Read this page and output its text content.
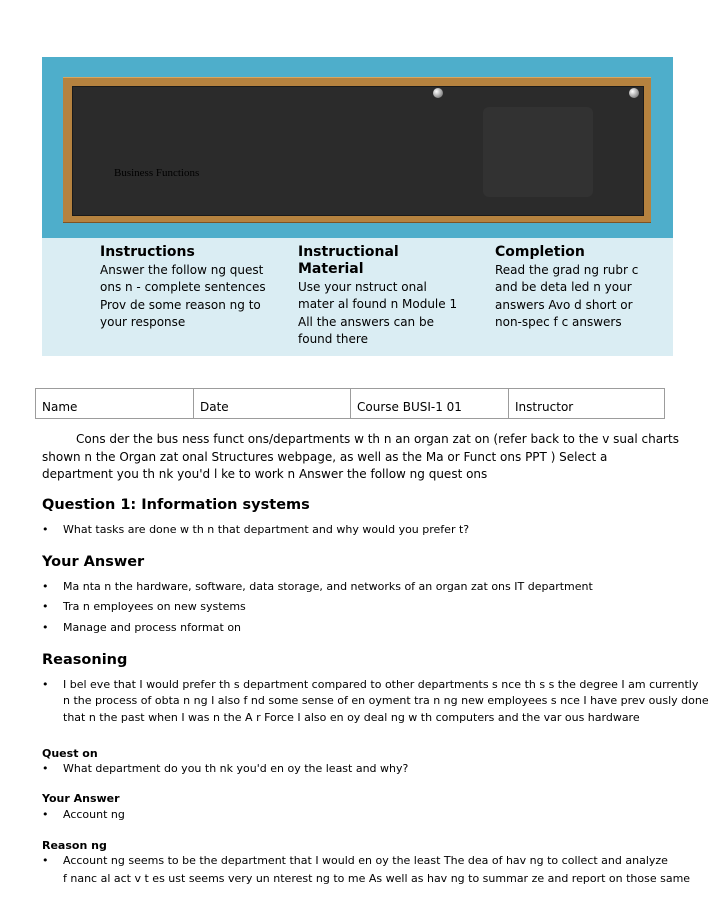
Business Functions
Instructions

Answer the follow ng quest ons n - complete sentences Prov de some reason ng to your response

Instructional Material

Use your nstruct onal mater al found n Module 1 All the answers can be found there

Completion

Read the grad ng rubr c and be deta led n your answers Avo d short or non-spec f c answers

Name	Date	Course BUSI-1 01	Instructor
Cons der the bus ness funct ons/departments w th n an organ zat on (refer back to the v sual charts
shown n the Organ zat onal Structures webpage, as well as the Ma or Funct ons PPT ) Select a
department you th nk you'd l ke to work n Answer the follow ng quest ons
Question 1: Information systems
• What tasks are done w th n that department and why would you prefer t?
Your Answer
• Ma nta n the hardware, software, data storage, and networks of an organ zat ons IT department
• Tra n employees on new systems
• Manage and process nformat on
Reasoning
• I bel eve that I would prefer th s department compared to other departments s nce th s s the degree I am currently
n the process of obta n ng I also f nd some sense of en oyment tra n ng new employees s nce I have prev ously done
that n the past when I was n the A r Force I also en oy deal ng w th computers and the var ous hardware
Quest on
• What department do you th nk you'd en oy the least and why?
Your Answer
• Account ng
Reason ng
• Account ng seems to be the department that I would en oy the least The dea of hav ng to collect and analyze
f nanc al act v t es ust seems very un nterest ng to me As well as hav ng to summar ze and report on those same
